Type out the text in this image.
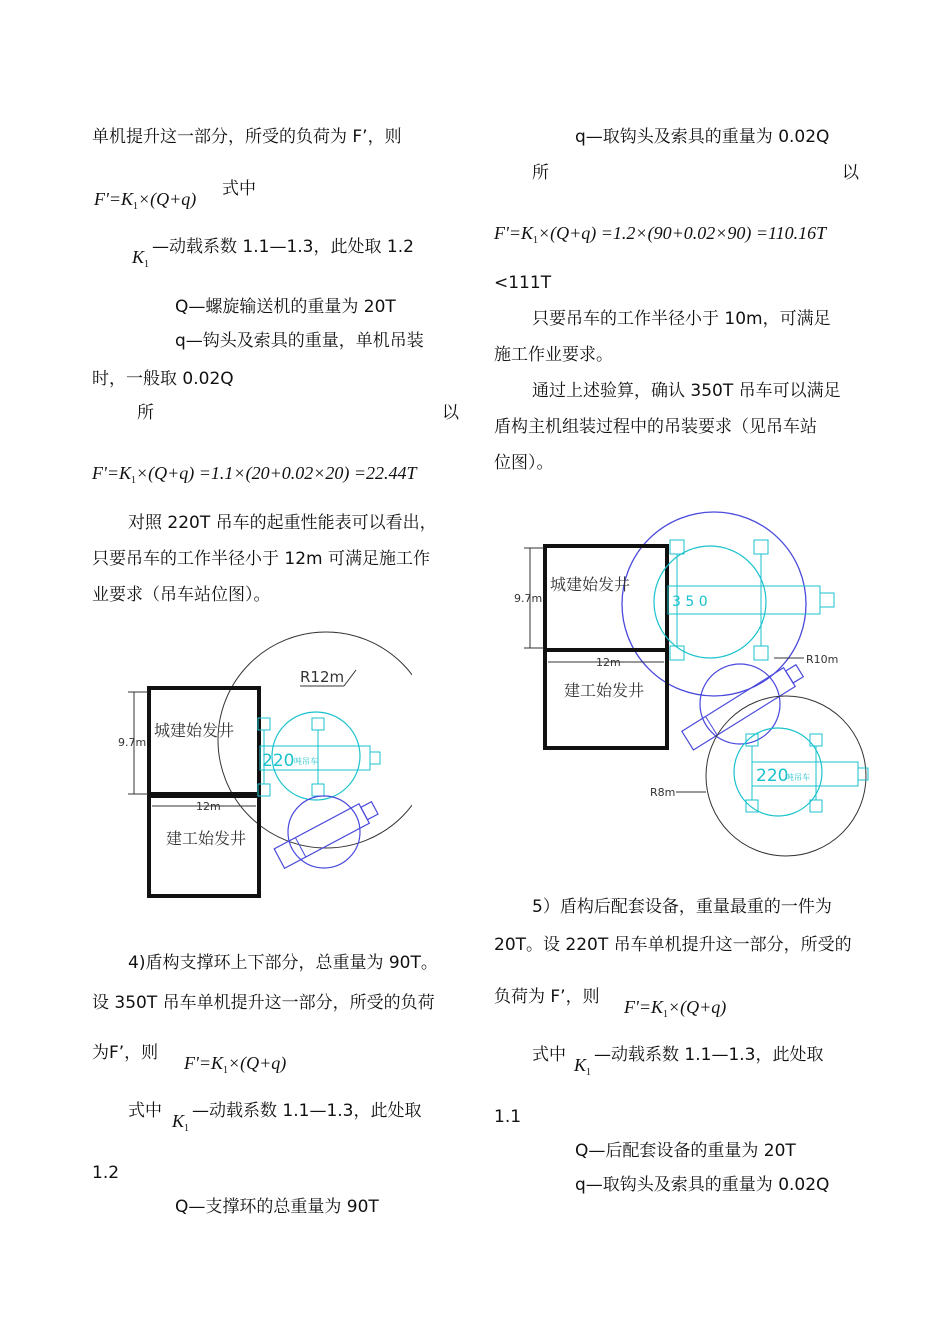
单机提升这一部分，所受的负荷为 F’，则
$F'=K_1\times(Q+q)$ 式中
$K_1$
—动载系数 1.1—1.3，此处取 1.2
Q—螺旋输送机的重量为 20T
q—钩头及索具的重量，单机吊装
时，一般取 0.02Q
所	以
$F'=K_1\times(Q+q) =1.1\times(20+0.02\times 20) =22.44T$
对照 220T 吊车的起重性能表可以看出，
只要吊车的工作半径小于 12m 可满足施工作
业要求（吊车站位图）。
R12m
城建始发井
建工始发井
9.7m
12m
220 吨吊车
4)盾构支撑环上下部分，总重量为 90T。
设 350T 吊车单机提升这一部分，所受的负荷
为F’，则 $F'=K_1\times(Q+q)$
式中 $K_1$
—动载系数 1.1—1.3，此处取
1.2
Q—支撑环的总重量为 90T
q—取钩头及索具的重量为 0.02Q
所	以
$F'=K_1\times(Q+q) =1.2\times(90+0.02\times 90) =110.16T$
<111T
只要吊车的工作半径小于 10m，可满足
施工作业要求。
通过上述验算，确认 350T 吊车可以满足
盾构主机组装过程中的吊装要求（见吊车站
位图）。
城建始发井
建工始发井
9.7m
12m
3 5 0
R10m
220
吨吊车
R8m
5）盾构后配套设备，重量最重的一件为
20T。设 220T 吊车单机提升这一部分，所受的
负荷为 F’，则 $F'=K_1\times(Q+q)$
式中 $K_1$
—动载系数 1.1—1.3，此处取
1.1
Q—后配套设备的重量为 20T
q—取钩头及索具的重量为 0.02Q
